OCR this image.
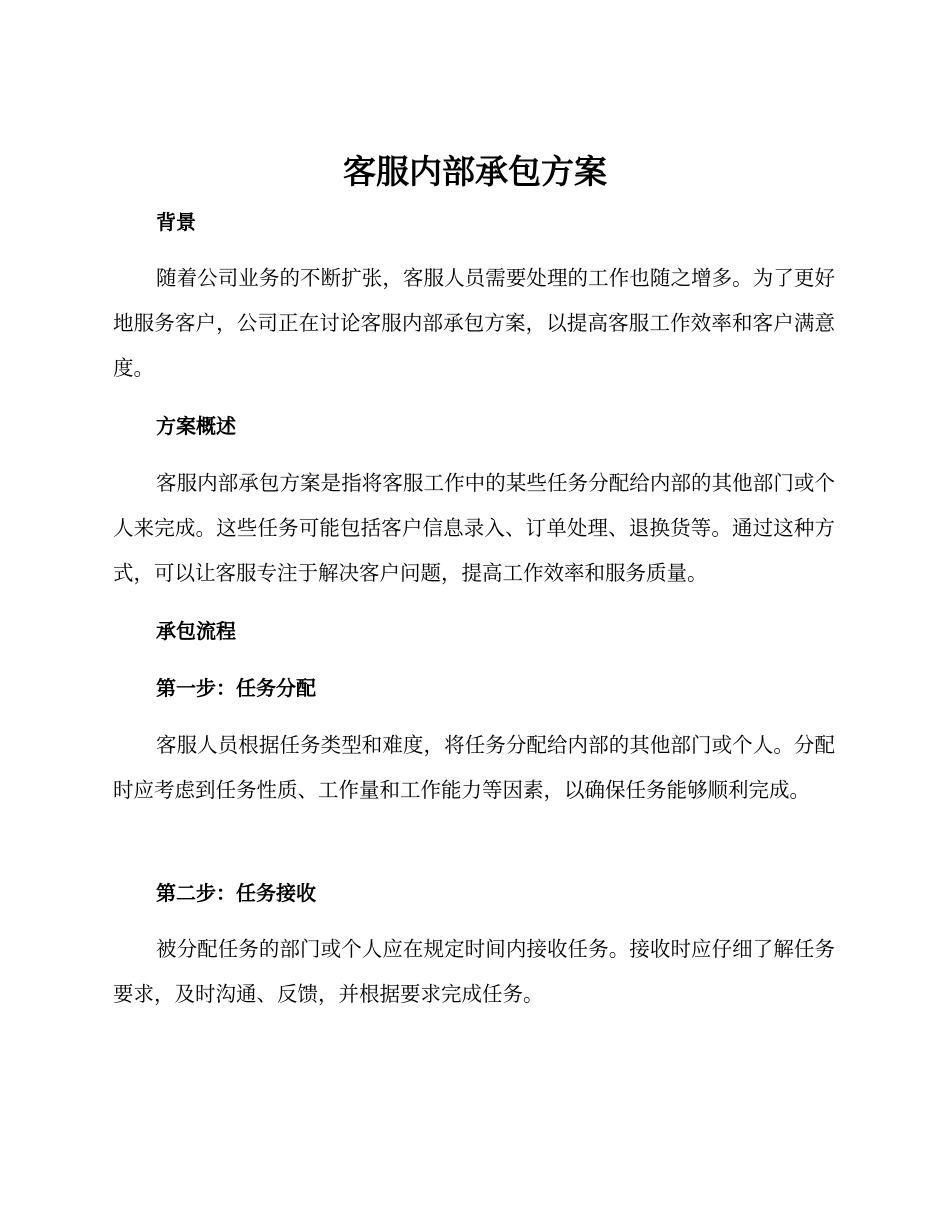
客服内部承包方案
背景

随着公司业务的不断扩张，客服人员需要处理的工作也随之增多。为了更好地服务客户，公司正在讨论客服内部承包方案，以提高客服工作效率和客户满意度。

方案概述

客服内部承包方案是指将客服工作中的某些任务分配给内部的其他部门或个人来完成。这些任务可能包括客户信息录入、订单处理、退换货等。通过这种方式，可以让客服专注于解决客户问题，提高工作效率和服务质量。

承包流程
第一步：任务分配

客服人员根据任务类型和难度，将任务分配给内部的其他部门或个人。分配时应考虑到任务性质、工作量和工作能力等因素，以确保任务能够顺利完成。

第二步：任务接收

被分配任务的部门或个人应在规定时间内接收任务。接收时应仔细了解任务要求，及时沟通、反馈，并根据要求完成任务。
